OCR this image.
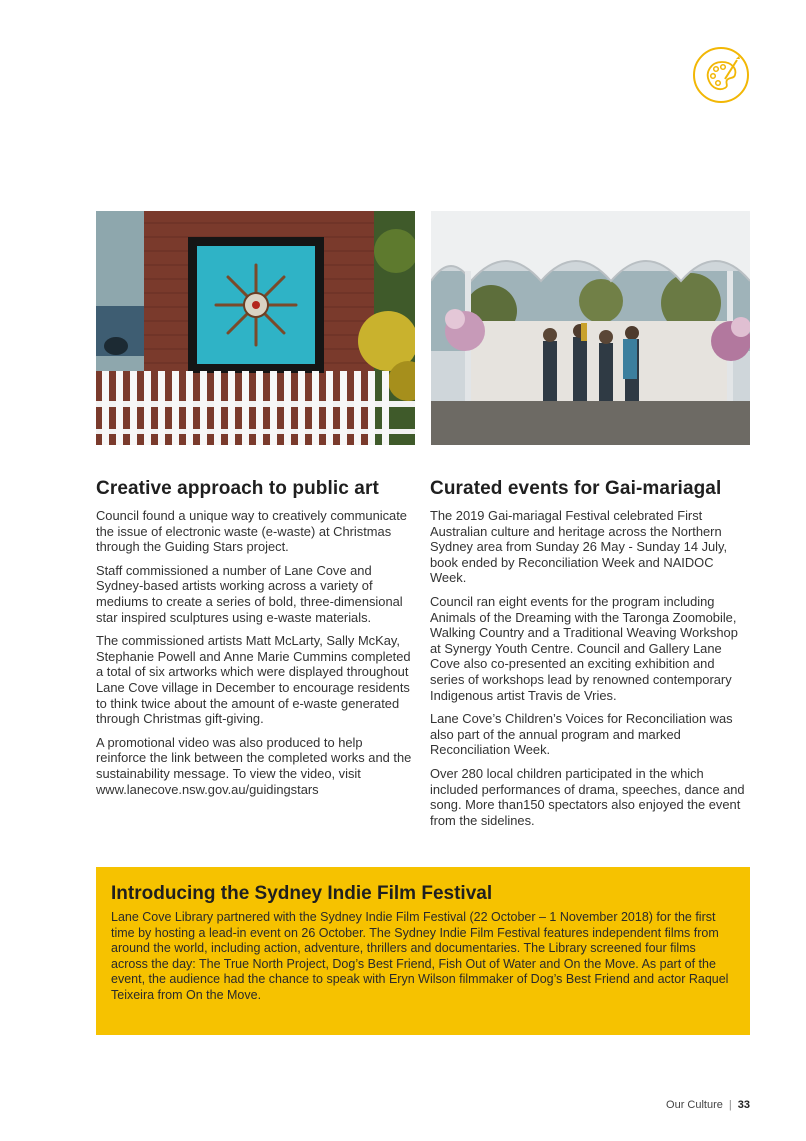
Creative approach to public art

Council found a unique way to creatively communicate the issue of electronic waste (e-waste) at Christmas through the Guiding Stars project.

Staff commissioned a number of Lane Cove and Sydney-based artists working across a variety of mediums to create a series of bold, three-dimensional star inspired sculptures using e-waste materials.

The commissioned artists Matt McLarty, Sally McKay, Stephanie Powell and Anne Marie Cummins completed a total of six artworks which were displayed throughout Lane Cove village in December to encourage residents to think twice about the amount of e-waste generated through Christmas gift-giving.

A promotional video was also produced to help reinforce the link between the completed works and the sustainability message. To view the video, visit www.lanecove.nsw.gov.au/guidingstars

Curated events for Gai-mariagal

The 2019 Gai-mariagal Festival celebrated First Australian culture and heritage across the Northern Sydney area from Sunday 26 May - Sunday 14 July, book ended by Reconciliation Week and NAIDOC Week.

Council ran eight events for the program including Animals of the Dreaming with the Taronga Zoomobile, Walking Country and a Traditional Weaving Workshop at Synergy Youth Centre. Council and Gallery Lane Cove also co-presented an exciting exhibition and series of workshops lead by renowned contemporary Indigenous artist Travis de Vries.

Lane Cove’s Children’s Voices for Reconciliation was also part of the annual program and marked Reconciliation Week.

Over 280 local children participated in the which included performances of drama, speeches, dance and song. More than150 spectators also enjoyed the event from the sidelines.

Introducing the Sydney Indie Film Festival

Lane Cove Library partnered with the Sydney Indie Film Festival (22 October – 1 November 2018) for the first time by hosting a lead-in event on 26 October. The Sydney Indie Film Festival features independent films from around the world, including action, adventure, thrillers and documentaries. The Library screened four films across the day: The True North Project, Dog’s Best Friend, Fish Out of Water and On the Move. As part of the event, the audience had the chance to speak with Eryn Wilson filmmaker of Dog’s Best Friend and actor Raquel Teixeira from On the Move.

Our Culture | 33
